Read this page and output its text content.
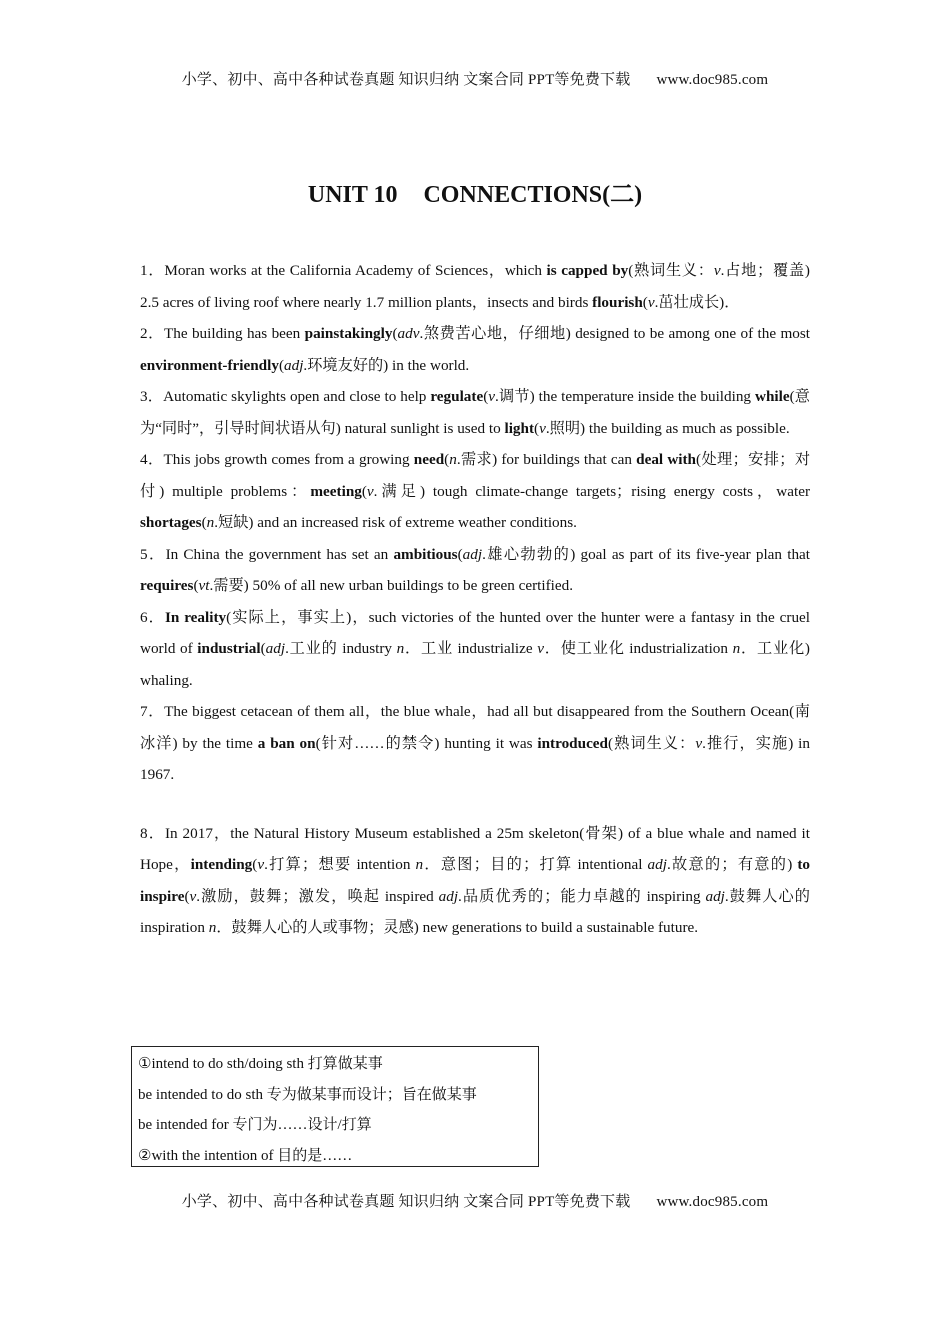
小学、初中、高中各种试卷真题 知识归纳 文案合同 PPT等免费下载 www.doc985.com
UNIT 10 CONNECTIONS(二)

1．Moran works at the California Academy of Sciences，which is capped by(熟词生义：v.占地；覆盖) 2.5 acres of living roof where nearly 1.7 million plants，insects and birds flourish(v.茁壮成长)．

2．The building has been painstakingly(adv.煞费苦心地，仔细地) designed to be among one of the most environment-friendly(adj.环境友好的) in the world.

3．Automatic skylights open and close to help regulate(v.调节) the temperature inside the building while(意为“同时”，引导时间状语从句) natural sunlight is used to light(v.照明) the building as much as possible.

4．This jobs growth comes from a growing need(n.需求) for buildings that can deal with(处理；安排；对付) multiple problems：meeting(v.满足) tough climate-change targets；rising energy costs，water shortages(n.短缺) and an increased risk of extreme weather conditions.

5．In China the government has set an ambitious(adj.雄心勃勃的) goal as part of its five-year plan that requires(vt.需要) 50% of all new urban buildings to be green certified.

6．In reality(实际上，事实上)，such victories of the hunted over the hunter were a fantasy in the cruel world of industrial(adj.工业的 industry n．工业 industrialize v．使工业化 industrialization n．工业化) whaling.

7．The biggest cetacean of them all，the blue whale，had all but disappeared from the Southern Ocean(南冰洋) by the time a ban on(针对……的禁令) hunting it was introduced(熟词生义：v.推行，实施) in 1967.

8．In 2017，the Natural History Museum established a 25m skeleton(骨架) of a blue whale and named it Hope，intending(v.打算；想要 intention n．意图；目的；打算 intentional adj.故意的；有意的) to inspire(v.激励，鼓舞；激发，唤起 inspired adj.品质优秀的；能力卓越的 inspiring adj.鼓舞人心的 inspiration n．鼓舞人心的人或事物；灵感) new generations to build a sustainable future.

①intend to do sth/doing sth 打算做某事
be intended to do sth 专为做某事而设计；旨在做某事
be intended for 专门为……设计/打算
②with the intention of 目的是……
小学、初中、高中各种试卷真题 知识归纳 文案合同 PPT等免费下载 www.doc985.com
